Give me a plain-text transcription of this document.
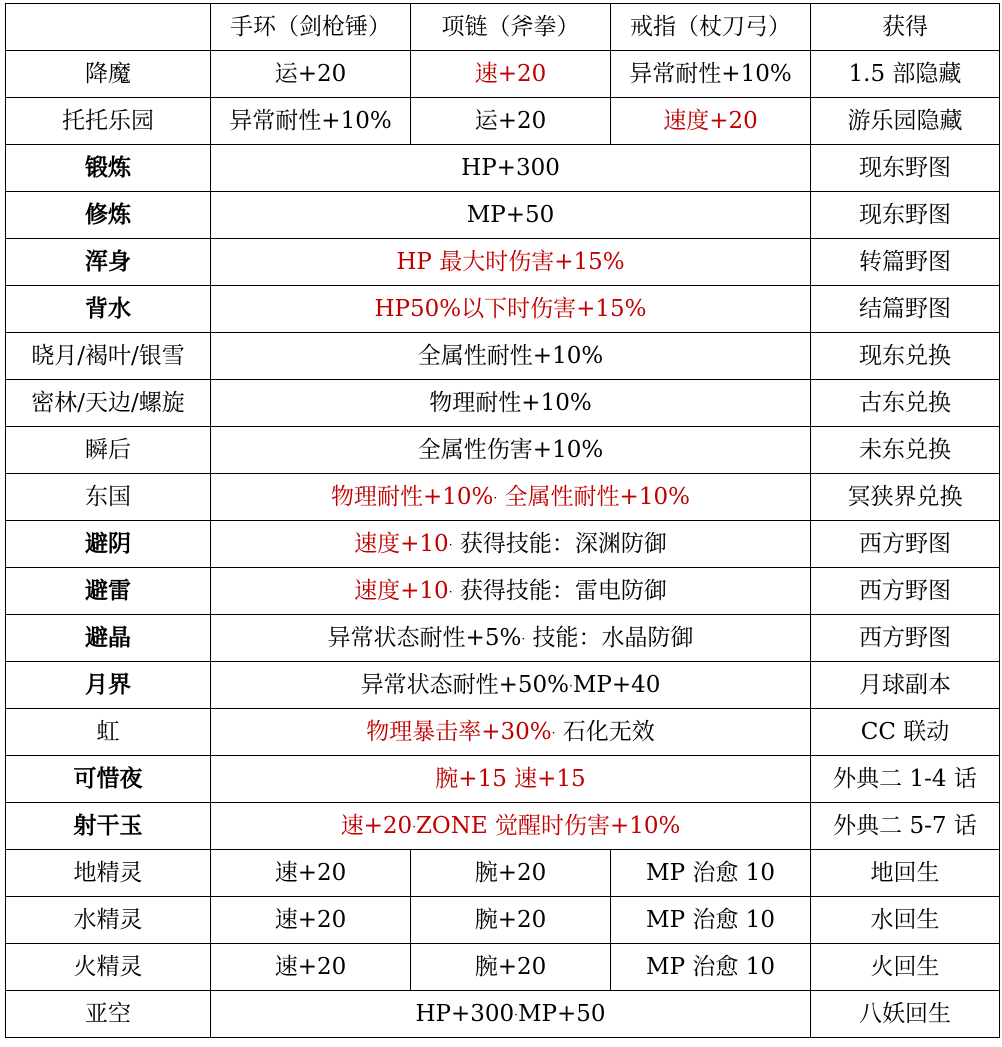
	手环（剑枪锤）	项链（斧拳）	戒指（杖刀弓）	获得
降魔	运+20	速+20	异常耐性+10%	1.5 部隐藏
托托乐园	异常耐性+10%	运+20	速度+20	游乐园隐藏
锻炼	HP+300			现东野图
修炼	MP+50			现东野图
浑身	HP 最大时伤害+15%			转篇野图
背水	HP50%以下时伤害+15%			结篇野图
晓月/褐叶/银雪	全属性耐性+10%			现东兑换
密林/天边/螺旋	物理耐性+10%			古东兑换
瞬后	全属性伤害+10%			未东兑换
东国	物理耐性+10%· 全属性耐性+10%			冥狭界兑换
避阴	速度+10· 获得技能：深渊防御			西方野图
避雷	速度+10· 获得技能：雷电防御			西方野图
避晶	异常状态耐性+5%· 技能：水晶防御			西方野图
月界	异常状态耐性+50%·MP+40			月球副本
虹	物理暴击率+30%· 石化无效			CC 联动
可惜夜	腕+15 速+15			外典二 1-4 话
射干玉	速+20·ZONE 觉醒时伤害+10%			外典二 5-7 话
地精灵	速+20	腕+20	MP 治愈 10	地回生
水精灵	速+20	腕+20	MP 治愈 10	水回生
火精灵	速+20	腕+20	MP 治愈 10	火回生
亚空	HP+300·MP+50			八妖回生
